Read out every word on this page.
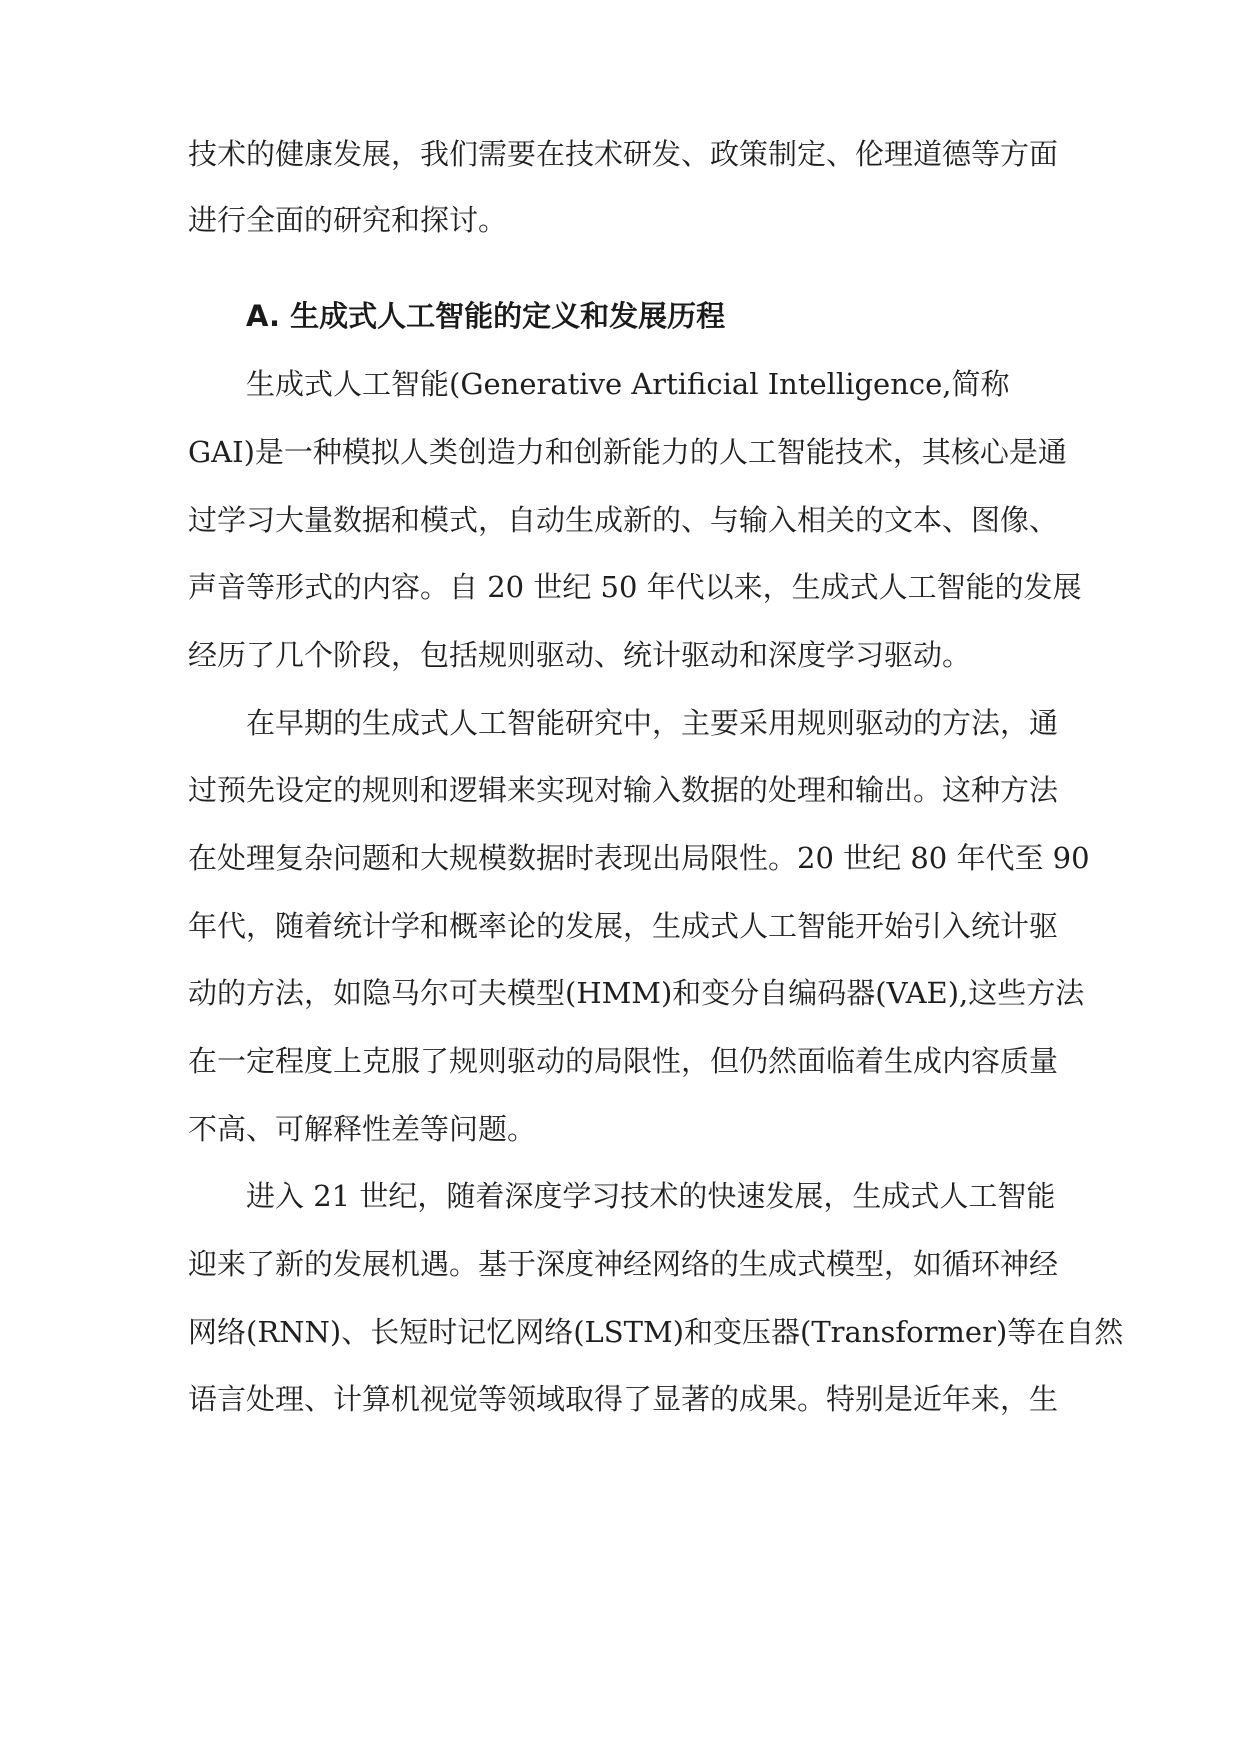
技术的健康发展，我们需要在技术研发、政策制定、伦理道德等方面
进行全面的研究和探讨。
A. 生成式人工智能的定义和发展历程
生成式人工智能(Generative Artificial Intelligence,简称
GAI)是一种模拟人类创造力和创新能力的人工智能技术，其核心是通
过学习大量数据和模式，自动生成新的、与输入相关的文本、图像、
声音等形式的内容。自 20 世纪 50 年代以来，生成式人工智能的发展
经历了几个阶段，包括规则驱动、统计驱动和深度学习驱动。
在早期的生成式人工智能研究中，主要采用规则驱动的方法，通
过预先设定的规则和逻辑来实现对输入数据的处理和输出。这种方法
在处理复杂问题和大规模数据时表现出局限性。20 世纪 80 年代至 90
年代，随着统计学和概率论的发展，生成式人工智能开始引入统计驱
动的方法，如隐马尔可夫模型(HMM)和变分自编码器(VAE),这些方法
在一定程度上克服了规则驱动的局限性，但仍然面临着生成内容质量
不高、可解释性差等问题。
进入 21 世纪，随着深度学习技术的快速发展，生成式人工智能
迎来了新的发展机遇。基于深度神经网络的生成式模型，如循环神经
网络(RNN)、长短时记忆网络(LSTM)和变压器(Transformer)等在自然
语言处理、计算机视觉等领域取得了显著的成果。特别是近年来，生
